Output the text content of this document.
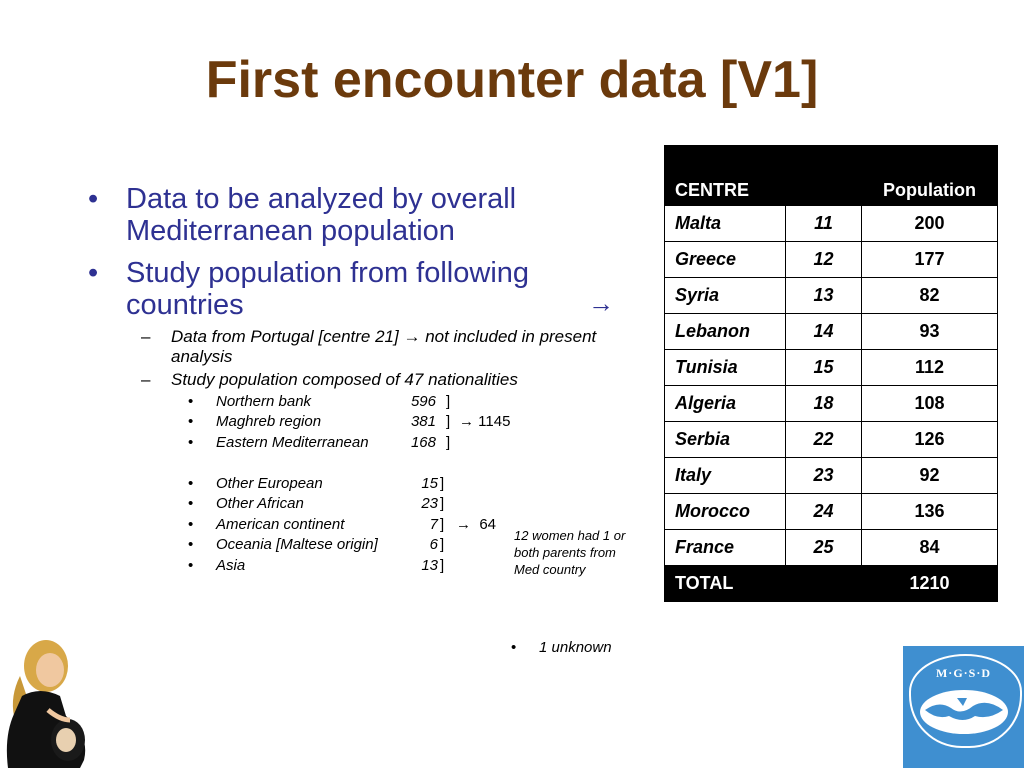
First encounter data [V1]
• Data to be analyzed by overall Mediterranean population
• Study population from following countries	→
– Data from Portugal [centre 21] → not included in present analysis
– Study population composed of 47 nationalities
• Northern bank	596 ]
• Maghreb region	381 ] → 1145
• Eastern Mediterranean	168 ]
• Other European	15 ]
• Other African	23 ]
• American continent	7 ] → 64
• Oceania [Maltese origin]	6 ]
• Asia	13 ]
12 women had 1 or both parents from Med country
• 1 unknown
CENTRE		Population
Malta	11	200
Greece	12	177
Syria	13	82
Lebanon	14	93
Tunisia	15	112
Algeria	18	108
Serbia	22	126
Italy	23	92
Morocco	24	136
France	25	84
TOTAL		1210
M·G·S·D
